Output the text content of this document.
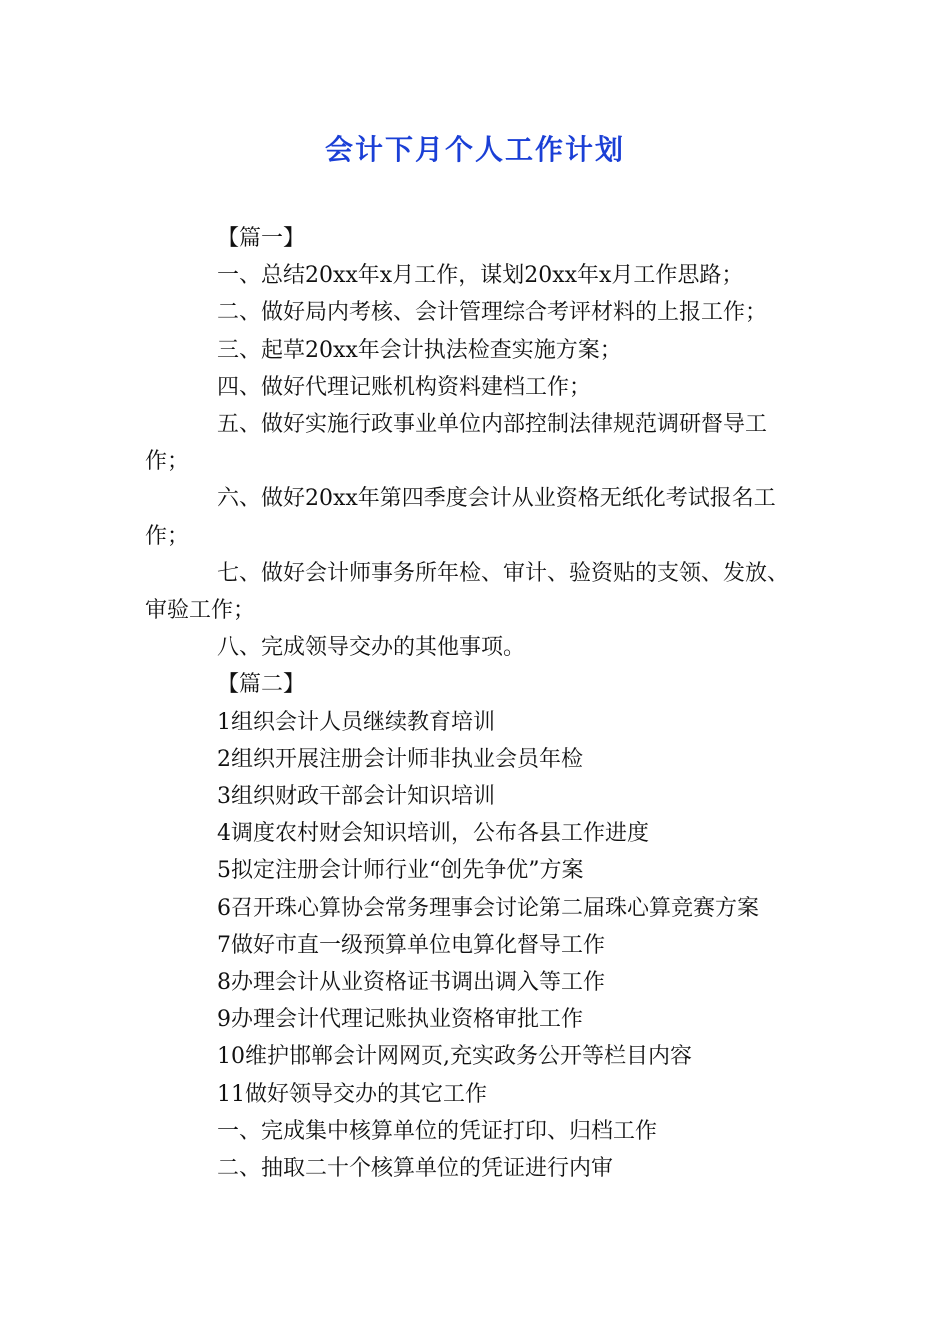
会计下月个人工作计划

【篇一】

一、总结20xx年x月工作，谋划20xx年x月工作思路；

二、做好局内考核、会计管理综合考评材料的上报工作；

三、起草20xx年会计执法检查实施方案；

四、做好代理记账机构资料建档工作；

五、做好实施行政事业单位内部控制法律规范调研督导工作；

六、做好20xx年第四季度会计从业资格无纸化考试报名工作；

七、做好会计师事务所年检、审计、验资贴的支领、发放、审验工作；

八、完成领导交办的其他事项。

【篇二】

1组织会计人员继续教育培训

2组织开展注册会计师非执业会员年检

3组织财政干部会计知识培训

4调度农村财会知识培训，公布各县工作进度

5拟定注册会计师行业“创先争优”方案

6召开珠心算协会常务理事会讨论第二届珠心算竞赛方案

7做好市直一级预算单位电算化督导工作

8办理会计从业资格证书调出调入等工作

9办理会计代理记账执业资格审批工作

10维护邯郸会计网网页,充实政务公开等栏目内容

11做好领导交办的其它工作

一、完成集中核算单位的凭证打印、归档工作

二、抽取二十个核算单位的凭证进行内审
